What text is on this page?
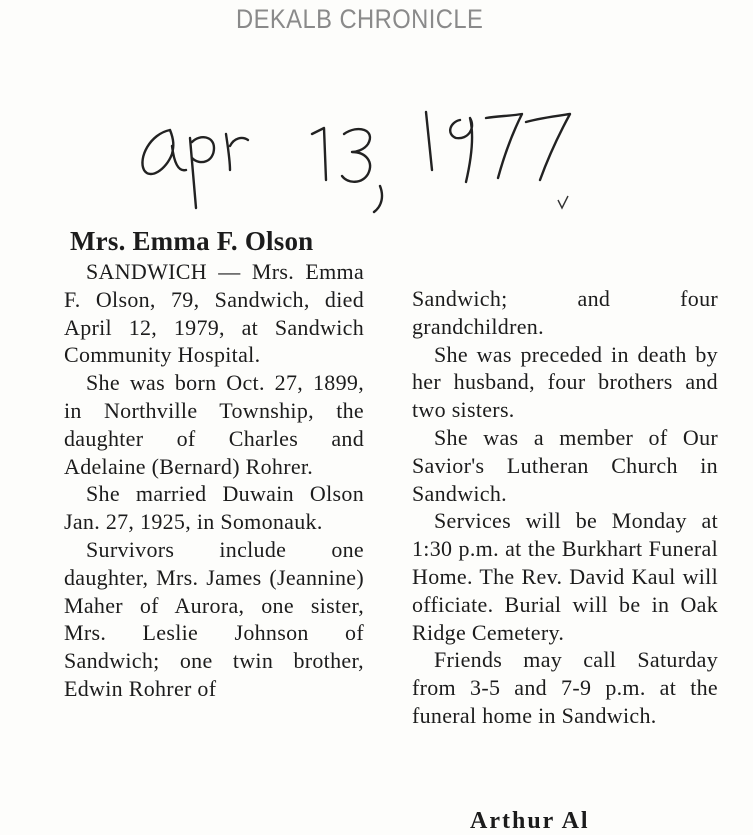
DEKALB CHRONICLE
Mrs. Emma F. Olson

SANDWICH — Mrs. Emma F. Olson, 79, Sandwich, died April 12, 1979, at Sandwich Community Hospital.

She was born Oct. 27, 1899, in Northville Township, the daughter of Charles and Adelaine (Bernard) Rohrer.

She married Duwain Olson Jan. 27, 1925, in Somonauk.

Survivors include one daughter, Mrs. James (Jeannine) Maher of Aurora, one sister, Mrs. Leslie Johnson of Sandwich; one twin brother, Edwin Rohrer of

Sandwich; and four grandchildren.

She was preceded in death by her husband, four brothers and two sisters.

She was a member of Our Savior's Lutheran Church in Sandwich.

Services will be Monday at 1:30 p.m. at the Burkhart Funeral Home. The Rev. David Kaul will officiate. Burial will be in Oak Ridge Cemetery.

Friends may call Saturday from 3-5 and 7-9 p.m. at the funeral home in Sandwich.

Arthur Al
